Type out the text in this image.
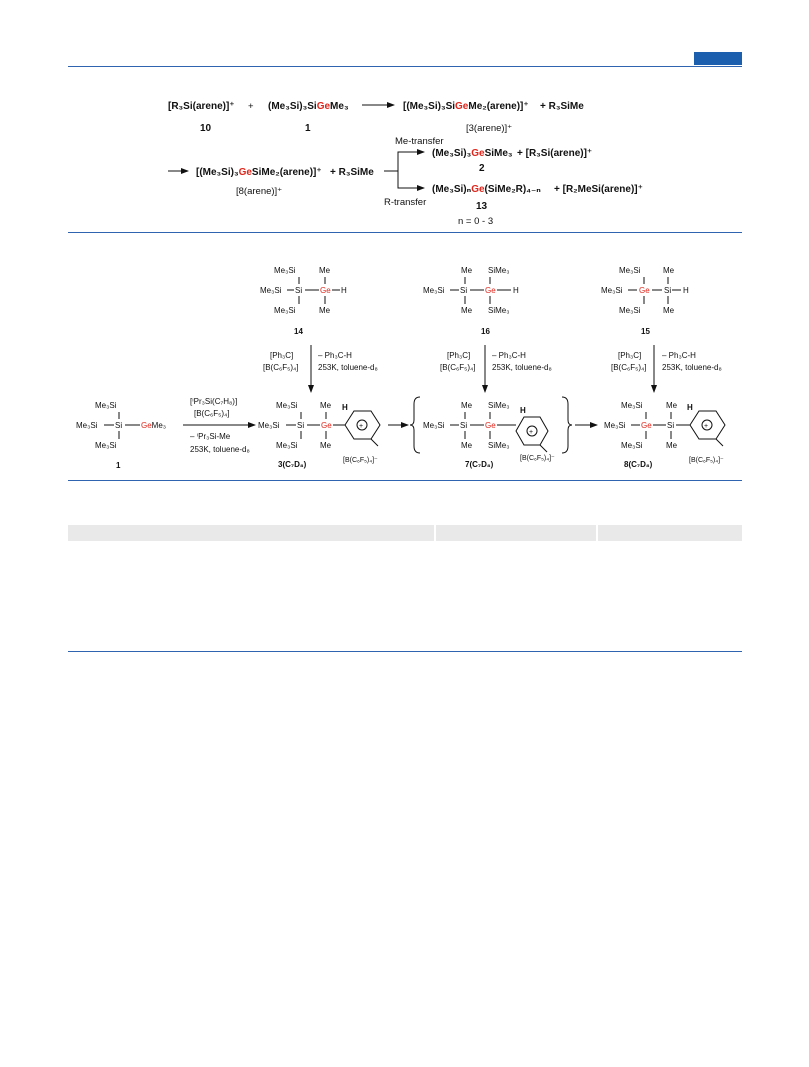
[R₃Si(arene)]⁺
10
+ (Me₃Si)₃SiGeMe₃
1
[(Me₃Si)₃SiGeMe₂(arene)]⁺ + R₃SiMe
[3(arene)]⁺
[(Me₃Si)₃GeSiMe₂(arene)]⁺ + R₃SiMe
[8(arene)]⁺
Me-transfer
R-transfer
(Me₃Si)₃GeSiMe₃ + [R₃Si(arene)]⁺
2
(Me₃Si)ₙGe(SiMe₂R)₄₋ₙ + [R₂MeSi(arene)]⁺
13
n = 0 - 3
Me₃Si
Me₃Si
Me₃Si
Si Ge H
Me
Me
14
Me SiMe₃
Me₃Si Si Ge H
Me SiMe₃
16
Me₃Si	Me
Me₃Si Ge Si H
Me₃Si	Me
15
[Ph₃C]
[B(C₆F₅)₄]
– Ph₃C-H
253K, toluene-d₈
[Ph₃C]
[B(C₆F₅)₄]
– Ph₃C-H
253K, toluene-d₈
[Ph₃C]
[B(C₆F₅)₄]
– Ph₃C-H
253K, toluene-d₈
Me₃Si
Me₃Si Si
Me₃Si
GeMe₃
1
[ⁱPr₃Si(C₇H₈)]
[B(C₆F₅)₄]
– ⁱPr₃Si-Me
253K, toluene-d₈
Me₃Si
Me₃Si Si Ge
Me₃Si
Me
Me
H
+
3(C₇D₈)	[B(C₆F₅)₄]⁻
Me SiMe₃
Me₃Si Si Ge
Me SiMe₃
H
+
7(C₇D₈)
[B(C₆F₅)₄]⁻
Me₃Si
Me₃Si Ge
Me₃Si
Me
Si
Me
H
+
8(C₇D₈)	[B(C₆F₅)₄]⁻
